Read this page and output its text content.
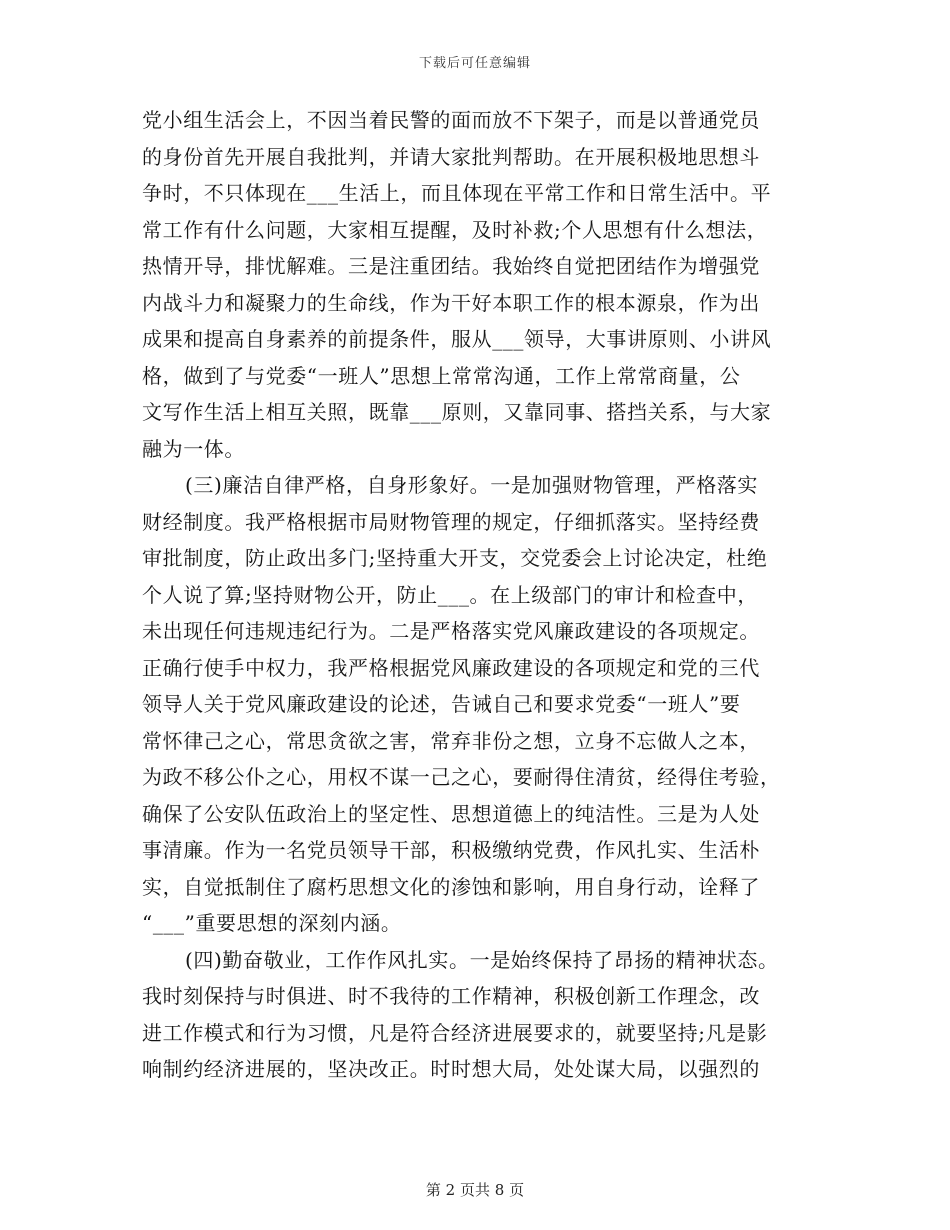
下载后可任意编辑
党小组生活会上，不因当着民警的面而放不下架子，而是以普通党员
的身份首先开展自我批判，并请大家批判帮助。在开展积极地思想斗
争时，不只体现在___生活上，而且体现在平常工作和日常生活中。平
常工作有什么问题，大家相互提醒，及时补救;个人思想有什么想法，
热情开导，排忧解难。三是注重团结。我始终自觉把团结作为增强党
内战斗力和凝聚力的生命线，作为干好本职工作的根本源泉，作为出
成果和提高自身素养的前提条件，服从___领导，大事讲原则、小讲风
格，做到了与党委“一班人”思想上常常沟通，工作上常常商量，公
文写作生活上相互关照，既靠___原则，又靠同事、搭挡关系，与大家
融为一体。
(三)廉洁自律严格，自身形象好。一是加强财物管理，严格落实
财经制度。我严格根据市局财物管理的规定，仔细抓落实。坚持经费
审批制度，防止政出多门;坚持重大开支，交党委会上讨论决定，杜绝
个人说了算;坚持财物公开，防止___。在上级部门的审计和检查中，
未出现任何违规违纪行为。二是严格落实党风廉政建设的各项规定。
正确行使手中权力，我严格根据党风廉政建设的各项规定和党的三代
领导人关于党风廉政建设的论述，告诫自己和要求党委“一班人”要
常怀律己之心，常思贪欲之害，常弃非份之想，立身不忘做人之本，
为政不移公仆之心，用权不谋一己之心，要耐得住清贫，经得住考验，
确保了公安队伍政治上的坚定性、思想道德上的纯洁性。三是为人处
事清廉。作为一名党员领导干部，积极缴纳党费，作风扎实、生活朴
实，自觉抵制住了腐朽思想文化的渗蚀和影响，用自身行动，诠释了
“___”重要思想的深刻内涵。
(四)勤奋敬业，工作作风扎实。一是始终保持了昂扬的精神状态。
我时刻保持与时俱进、时不我待的工作精神，积极创新工作理念，改
进工作模式和行为习惯，凡是符合经济进展要求的，就要坚持;凡是影
响制约经济进展的，坚决改正。时时想大局，处处谋大局，以强烈的
第 2 页共 8 页
